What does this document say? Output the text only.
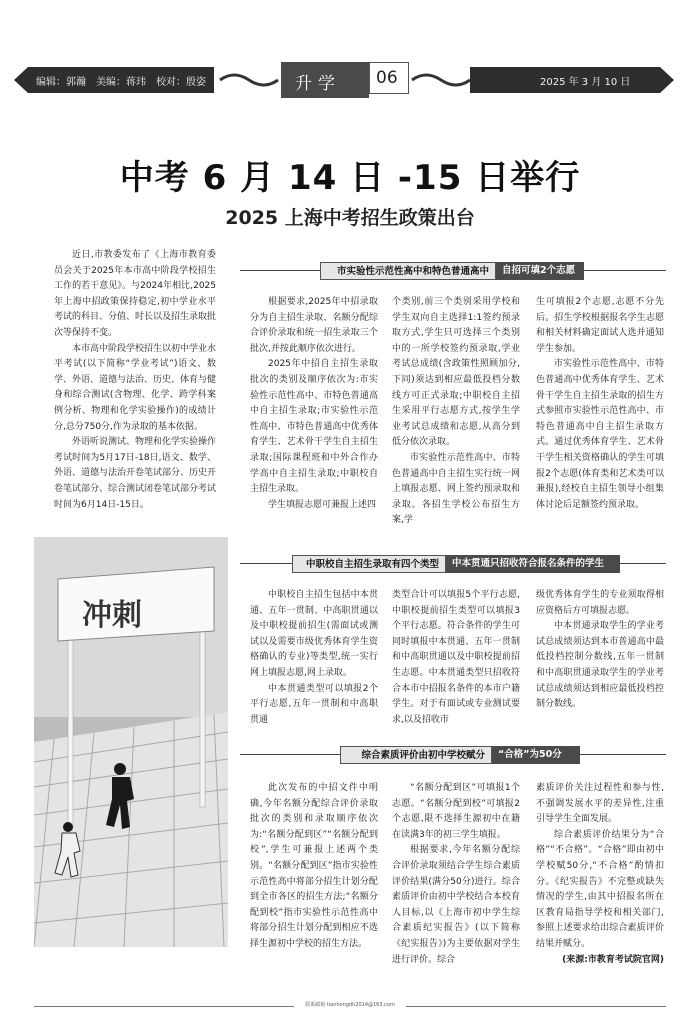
编辑：郭瀚　美编：蒋玮　校对：殷姿	升学 06	2025 年 3 月 10 日
中考 6 月 14 日 -15 日举行
2025 上海中考招生政策出台

近日,市教委发布了《上海市教育委员会关于2025年本市高中阶段学校招生工作的若干意见》。与2024年相比,2025年上海中招政策保持稳定,初中学业水平考试的科目、分值、时长以及招生录取批次等保持不变。

本市高中阶段学校招生以初中学业水平考试(以下简称“学业考试”)语文、数学、外语、道德与法治、历史、体育与健身和综合测试(含物理、化学、跨学科案例分析、物理和化学实验操作)的成绩计分,总分750分,作为录取的基本依据。

外语听说测试、物理和化学实验操作考试时间为5月17日-18日,语文、数学、外语、道德与法治开卷笔试部分、历史开卷笔试部分、综合测试闭卷笔试部分考试时间为6月14日-15日。

冲刺
市实验性示范性高中和特色普通高中	自招可填2个志愿

根据要求,2025年中招录取分为自主招生录取、名额分配综合评价录取和统一招生录取三个批次,并按此顺序依次进行。

2025年中招自主招生录取批次的类别及顺序依次为:市实验性示范性高中、市特色普通高中自主招生录取;市实验性示范性高中、市特色普通高中优秀体育学生、艺术骨干学生自主招生录取;国际课程班和中外合作办学高中自主招生录取;中职校自主招生录取。

学生填报志愿可兼报上述四

个类别,前三个类别采用学校和学生双向自主选择1:1签约预录取方式,学生只可选择三个类别中的一所学校签约预录取,学业考试总成绩(含政策性照顾加分,下同)须达到相应最低投档分数线方可正式录取;中职校自主招生采用平行志愿方式,按学生学业考试总成绩和志愿,从高分到低分依次录取。

市实验性示范性高中、市特色普通高中自主招生实行统一网上填报志愿、网上签约预录取和录取。各招生学校公布招生方案,学

生可填报2个志愿,志愿不分先后。招生学校根据报名学生志愿和相关材料确定面试人选并通知学生参加。

市实验性示范性高中、市特色普通高中优秀体育学生、艺术骨干学生自主招生录取的招生方式参照市实验性示范性高中、市特色普通高中自主招生录取方式。通过优秀体育学生、艺术骨干学生相关资格确认的学生可填报2个志愿(体育类和艺术类可以兼报),经校自主招生领导小组集体讨论后足额签约预录取。

中职校自主招生录取有四个类型	中本贯通只招收符合报名条件的学生

中职校自主招生包括中本贯通、五年一贯制、中高职贯通以及中职校提前招生(需面试或测试以及需要市级优秀体育学生资格确认的专业)等类型,统一实行网上填报志愿,网上录取。

中本贯通类型可以填报2个平行志愿,五年一贯制和中高职贯通

类型合计可以填报5个平行志愿,中职校提前招生类型可以填报3个平行志愿。符合条件的学生可同时填报中本贯通、五年一贯制和中高职贯通以及中职校提前招生志愿。中本贯通类型只招收符合本市中招报名条件的本市户籍学生。对于有面试或专业测试要求,以及招收市

级优秀体育学生的专业须取得相应资格后方可填报志愿。

中本贯通录取学生的学业考试总成绩须达到本市普通高中最低投档控制分数线,五年一贯制和中高职贯通录取学生的学业考试总成绩须达到相应最低投档控制分数线。

综合素质评价由初中学校赋分	“合格”为50分

此次发布的中招文件中明确,今年名额分配综合评价录取批次的类别和录取顺序依次为:“名额分配到区”“名额分配到校”,学生可兼报上述两个类别。“名额分配到区”指市实验性示范性高中将部分招生计划分配到全市各区的招生方法;“名额分配到校”指市实验性示范性高中将部分招生计划分配到相应不选择生源初中学校的招生方法。

“名额分配到区”可填报1个志愿。“名额分配到校”可填报2个志愿,限不选择生源初中在籍在读满3年的初三学生填报。

根据要求,今年名额分配综合评价录取须结合学生综合素质评价结果(满分50分)进行。综合素质评价由初中学校结合本校育人目标,以《上海市初中学生综合素质纪实报告》(以下简称《纪实报告》)为主要依据对学生进行评价。综合

素质评价关注过程性和参与性,不强调发展水平的差异性,注重引导学生全面发展。

综合素质评价结果分为“合格”“不合格”。“合格”即由初中学校赋50分,“不合格”酌情扣分。《纪实报告》不完整或缺失情况的学生,由其中招报名所在区教育局指导学校和相关部门,参照上述要求给出综合素质评价结果并赋分。

(来源:市教育考试院官网)

联系邮箱 tianhongdh2014@163.com
